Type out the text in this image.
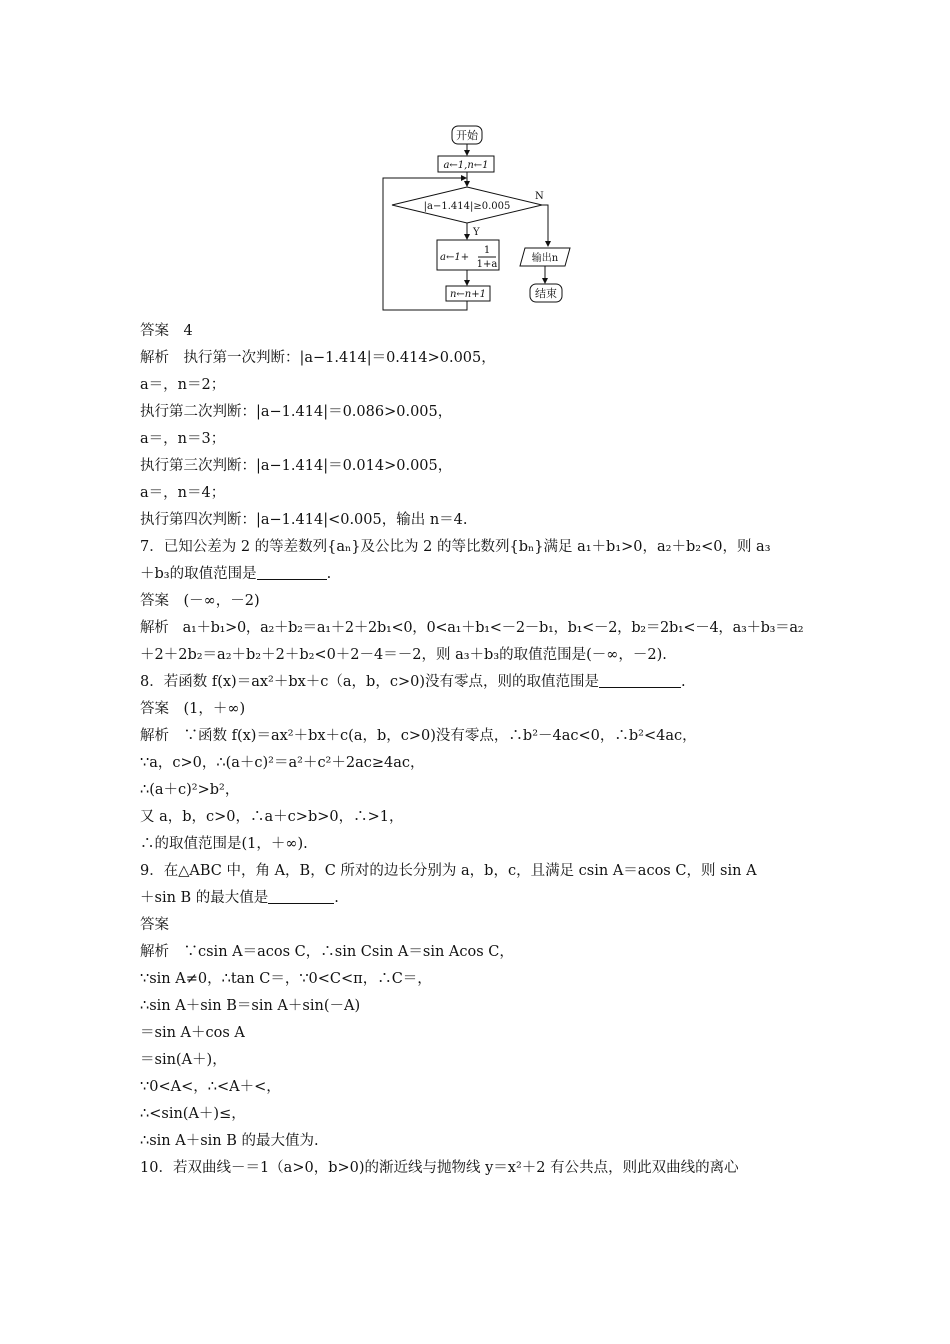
开始
a←1,n←1
|a−1.414|≥0.005
Y
N
a←1+
1
1+a
n←n+1
输出n
结束
答案　4
解析　执行第一次判断：|a−1.414|＝0.414>0.005，
a＝，n＝2；
执行第二次判断：|a−1.414|＝0.086>0.005，
a＝，n＝3；
执行第三次判断：|a−1.414|＝0.014>0.005，
a＝，n＝4；
执行第四次判断：|a−1.414|<0.005，输出 n＝4.
7．已知公差为 2 的等差数列{aₙ}及公比为 2 的等比数列{bₙ}满足 a₁＋b₁>0，a₂＋b₂<0，则 a₃
＋b₃的取值范围是	.
答案　(－∞，－2)
解析　a₁＋b₁>0，a₂＋b₂＝a₁＋2＋2b₁<0，0<a₁＋b₁<－2－b₁，b₁<－2，b₂＝2b₁<－4，a₃＋b₃＝a₂
＋2＋2b₂＝a₂＋b₂＋2＋b₂<0＋2－4＝－2，则 a₃＋b₃的取值范围是(－∞，－2).
8．若函数 f(x)＝ax²＋bx＋c（a，b，c>0)没有零点，则的取值范围是	.
答案　(1，＋∞)
解析　∵函数 f(x)＝ax²＋bx＋c(a，b，c>0)没有零点，∴b²－4ac<0，∴b²<4ac，
∵a，c>0，∴(a＋c)²＝a²＋c²＋2ac≥4ac，
∴(a＋c)²>b²，
又 a，b，c>0，∴a＋c>b>0，∴>1，
∴的取值范围是(1，＋∞).
9．在△ABC 中，角 A，B，C 所对的边长分别为 a，b，c，且满足 csin A＝acos C，则 sin A
＋sin B 的最大值是	.
答案
解析　∵csin A＝acos C，∴sin Csin A＝sin Acos C，
∵sin A≠0，∴tan C＝，∵0<C<π，∴C＝，
∴sin A＋sin B＝sin A＋sin(－A)
＝sin A＋cos A
＝sin(A＋)，
∵0<A<，∴<A＋<，
∴<sin(A＋)≤，
∴sin A＋sin B 的最大值为.
10．若双曲线－＝1（a>0，b>0)的渐近线与抛物线 y＝x²＋2 有公共点，则此双曲线的离心
